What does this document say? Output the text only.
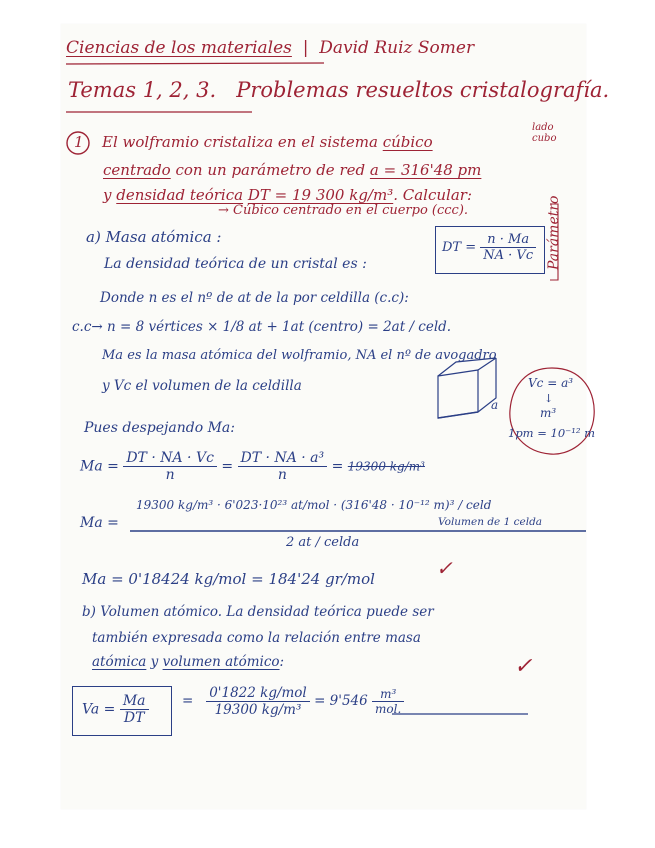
Ciencias de los materiales  |  David Ruiz Somer
Temas 1, 2, 3. Problemas resueltos cristalografía.
1 El wolframio cristaliza en el sistema cúbico
lado cubo
centrado con un parámetro de red a = 316'48 pm
y densidad teórica DT = 19 300 kg/m³. Calcular:
→ Cúbico centrado en el cuerpo (ccc).	Parámetro
a) Masa atómica :
La densidad teórica de un cristal es :
DT = $\frac{n \cdot Ma}{NA \cdot Vc}$
Donde n es el nº de at de la por celdilla (c.c):
c.c→ n = 8 vértices × 1/8 at + 1at (centro) = 2at / celd.
Ma es la masa atómica del wolframio, NA el nº de avogadro
y Vc el volumen de la celdilla
a
Vc = a³
↓
m³
1pm = 10⁻¹² m
Pues despejando Ma:
$Ma = \frac{DT \cdot NA \cdot Vc}{n} = \frac{\text{DT · NA · a³}}{n} = 19300$ kg/m³
Ma =
19300 kg/m³ · 6'023·10²³ at/mol · (316'48 · 10⁻¹² m)³ / celd
Volumen de 1 celda
2 at / celda
Ma = 0'18424 kg/mol = 184'24 gr/mol	✓
b) Volumen atómico. La densidad teórica puede ser
también expresada como la relación entre masa
atómica y volumen atómico:
$Va = \frac{Ma}{DT} = \frac{\text{0'1822 kg/mol}}{\text{19300 kg/m³}} = 9'546 \frac{\text{m³}}{\text{mol.}}$
✓
